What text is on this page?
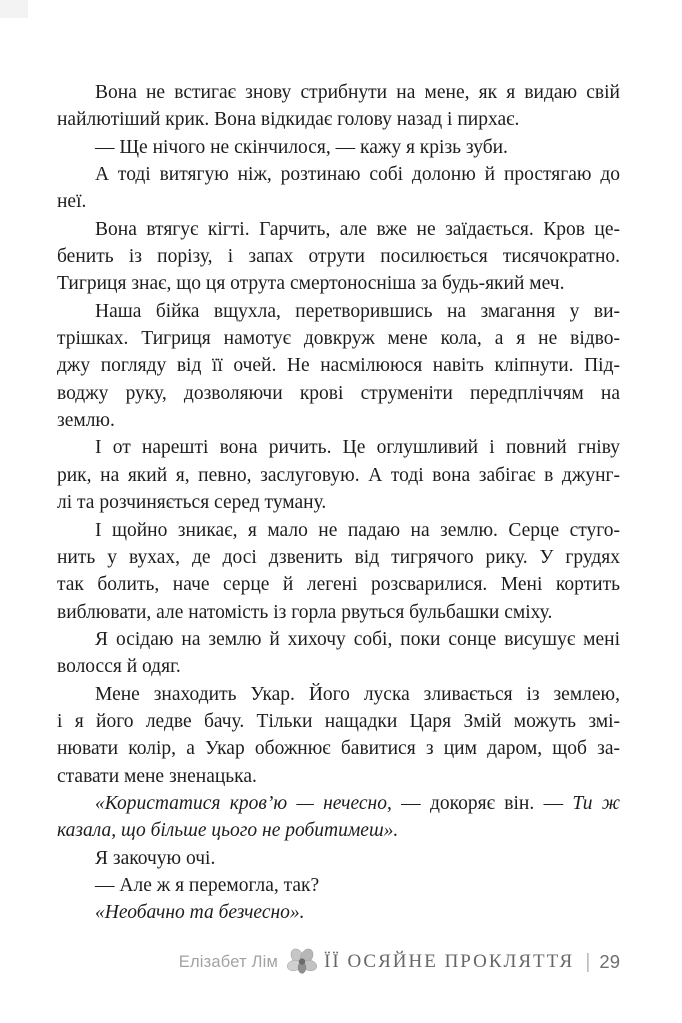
Вона не встигає знову стрибнути на мене, як я видаю свій
найлютіший крик. Вона відкидає голову назад і пирхає.
— Ще нічого не скінчилося, — кажу я крізь зуби.
А тоді витягую ніж, розтинаю собі долоню й простягаю до
неї.
Вона втягує кігті. Гарчить, але вже не заїдається. Кров це-
бенить із порізу, і запах отрути посилюється тисячократно.
Тигриця знає, що ця отрута смертоносніша за будь-який меч.
Наша бійка вщухла, перетворившись на змагання у ви-
трішках. Тигриця намотує довкруж мене кола, а я не відво-
джу погляду від її очей. Не насмілююся навіть кліпнути. Під-
воджу руку, дозволяючи крові струменіти передпліччям на
землю.
І от нарешті вона ричить. Це оглушливий і повний гніву
рик, на який я, певно, заслуговую. А тоді вона забігає в джунг-
лі та розчиняється серед туману.
І щойно зникає, я мало не падаю на землю. Серце стуго-
нить у вухах, де досі дзвенить від тигрячого рику. У грудях
так болить, наче серце й легені розсварилися. Мені кортить
виблювати, але натомість із горла рвуться бульбашки сміху.
Я осідаю на землю й хихочу собі, поки сонце висушує мені
волосся й одяг.
Мене знаходить Укар. Його луска зливається із землею,
і я його ледве бачу. Тільки нащадки Царя Змій можуть змі-
нювати колір, а Укар обожнює бавитися з цим даром, щоб за-
ставати мене зненацька.
«Користатися кров’ю — нечесно, — докоряє він. — Ти ж
казала, що більше цього не робитимеш».
Я закочую очі.
— Але ж я перемогла, так?
«Необачно та безчесно».
Елізабет Лім ЇЇ ОСЯЙНЕ ПРОКЛЯТТЯ | 29
